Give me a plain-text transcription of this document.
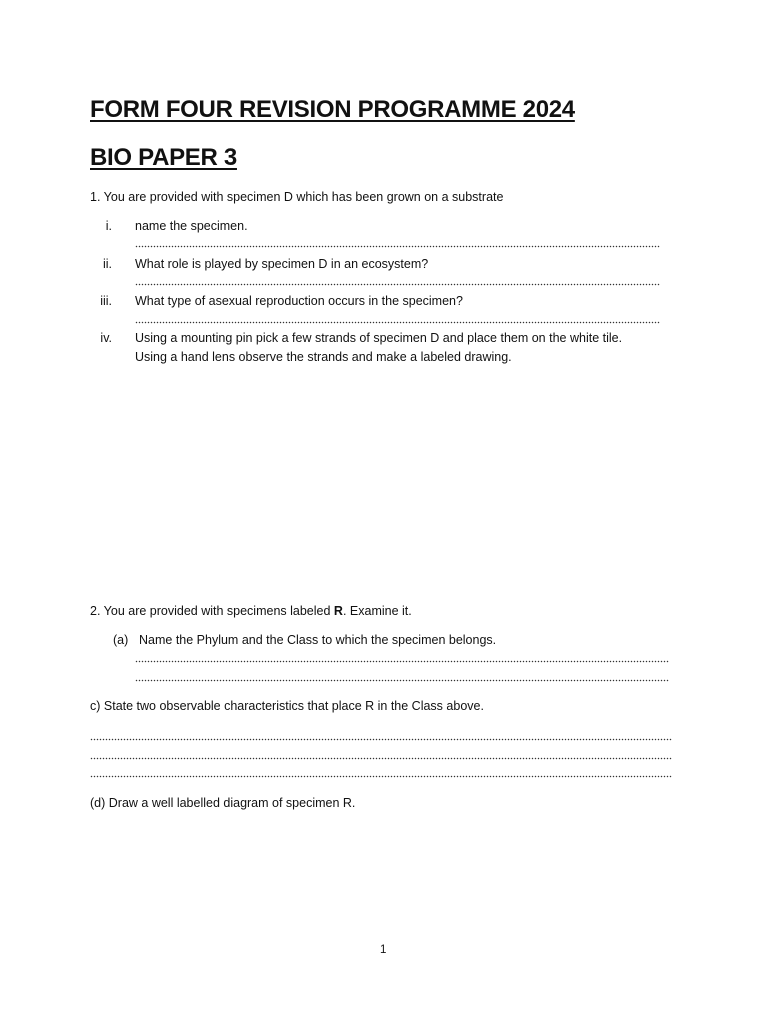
FORM FOUR REVISION PROGRAMME 2024
BIO PAPER 3
1. You are provided with specimen D which has been grown on a substrate
i. name the specimen.
ii. What role is played by specimen D in an ecosystem?
iii. What type of asexual reproduction occurs in the specimen?
iv. Using a mounting pin pick a few strands of specimen D and place them on the white tile.
Using a hand lens observe the strands and make a labeled drawing.
2. You are provided with specimens labeled R. Examine it.
(a) Name the Phylum and the Class to which the specimen belongs.
c) State two observable characteristics that place R in the Class above.
(d) Draw a well labelled diagram of specimen R.
1
